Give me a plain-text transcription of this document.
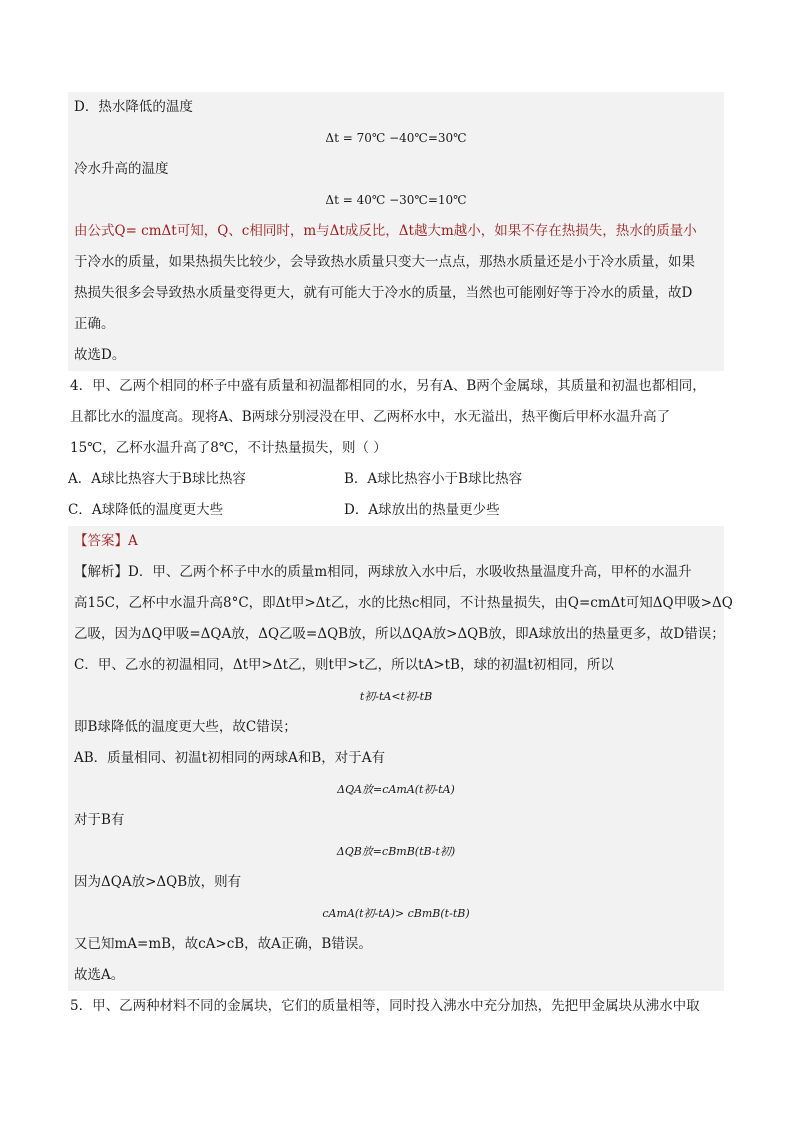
D．热水降低的温度
Δt = 70℃ −40℃=30℃
冷水升高的温度
Δt = 40℃ −30℃=10℃
由公式Q= cmΔt可知，Q、c相同时，m与Δt成反比，Δt越大m越小，如果不存在热损失，热水的质量小
于冷水的质量，如果热损失比较少，会导致热水质量只变大一点点，那热水质量还是小于冷水质量，如果
热损失很多会导致热水质量变得更大，就有可能大于冷水的质量，当然也可能刚好等于冷水的质量，故D
正确。
故选D。
4．甲、乙两个相同的杯子中盛有质量和初温都相同的水，另有A、B两个金属球，其质量和初温也都相同，
且都比水的温度高。现将A、B两球分别浸没在甲、乙两杯水中，水无溢出，热平衡后甲杯水温升高了
15℃，乙杯水温升高了8℃，不计热量损失，则（ ）
A．A球比热容大于B球比热容	B．A球比热容小于B球比热容
C．A球降低的温度更大些	D．A球放出的热量更少些
【答案】A
【解析】D．甲、乙两个杯子中水的质量m相同，两球放入水中后，水吸收热量温度升高，甲杯的水温升
高15C，乙杯中水温升高8°C，即Δt甲>Δt乙，水的比热c相同，不计热量损失，由Q=cmΔt可知ΔQ甲吸>ΔQ
乙吸，因为ΔQ甲吸=ΔQA放，ΔQ乙吸=ΔQB放，所以ΔQA放>ΔQB放，即A球放出的热量更多，故D错误；
C．甲、乙水的初温相同，Δt甲>Δt乙，则t甲>t乙，所以tA>tB，球的初温t初相同，所以
t初-tA<t初-tB
即B球降低的温度更大些，故C错误；
AB．质量相同、初温t初相同的两球A和B，对于A有
ΔQA放=cAmA(t初-tA)
对于B有
ΔQB放=cBmB(tB-t初)
因为ΔQA放>ΔQB放，则有
cAmA(t初-tA)> cBmB(t-tB)
又已知mA=mB，故cA>cB，故A正确，B错误。
故选A。
5．甲、乙两种材料不同的金属块，它们的质量相等，同时投入沸水中充分加热，先把甲金属块从沸水中取
